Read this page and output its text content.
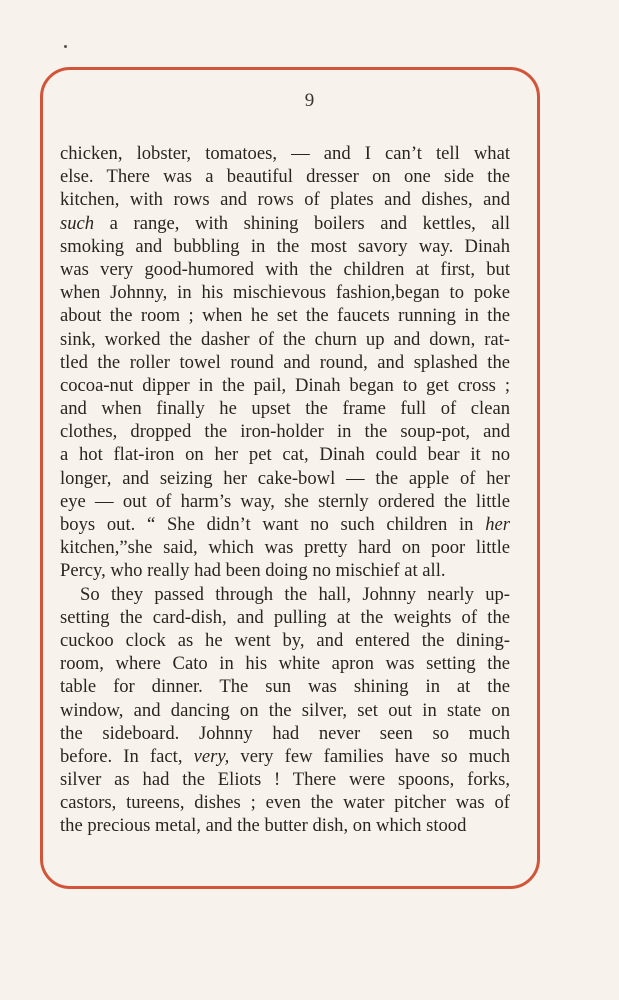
9
chicken, lobster, tomatoes, — and I can’t tell what
else. There was a beautiful dresser on one side the
kitchen, with rows and rows of plates and dishes, and
such a range, with shining boilers and kettles, all
smoking and bubbling in the most savory way. Dinah
was very good-humored with the children at first, but
when Johnny, in his mischievous fashion,began to poke
about the room ; when he set the faucets running in the
sink, worked the dasher of the churn up and down, rat-
tled the roller towel round and round, and splashed the
cocoa-nut dipper in the pail, Dinah began to get cross ;
and when finally he upset the frame full of clean
clothes, dropped the iron-holder in the soup-pot, and
a hot flat-iron on her pet cat, Dinah could bear it no
longer, and seizing her cake-bowl — the apple of her
eye — out of harm’s way, she sternly ordered the little
boys out. “ She didn’t want no such children in her
kitchen,”she said, which was pretty hard on poor little
Percy, who really had been doing no mischief at all.
So they passed through the hall, Johnny nearly up-
setting the card-dish, and pulling at the weights of the
cuckoo clock as he went by, and entered the dining-
room, where Cato in his white apron was setting the
table for dinner. The sun was shining in at the
window, and dancing on the silver, set out in state on
the sideboard. Johnny had never seen so much
before. In fact, very, very few families have so much
silver as had the Eliots ! There were spoons, forks,
castors, tureens, dishes ; even the water pitcher was of
the precious metal, and the butter dish, on which stood
